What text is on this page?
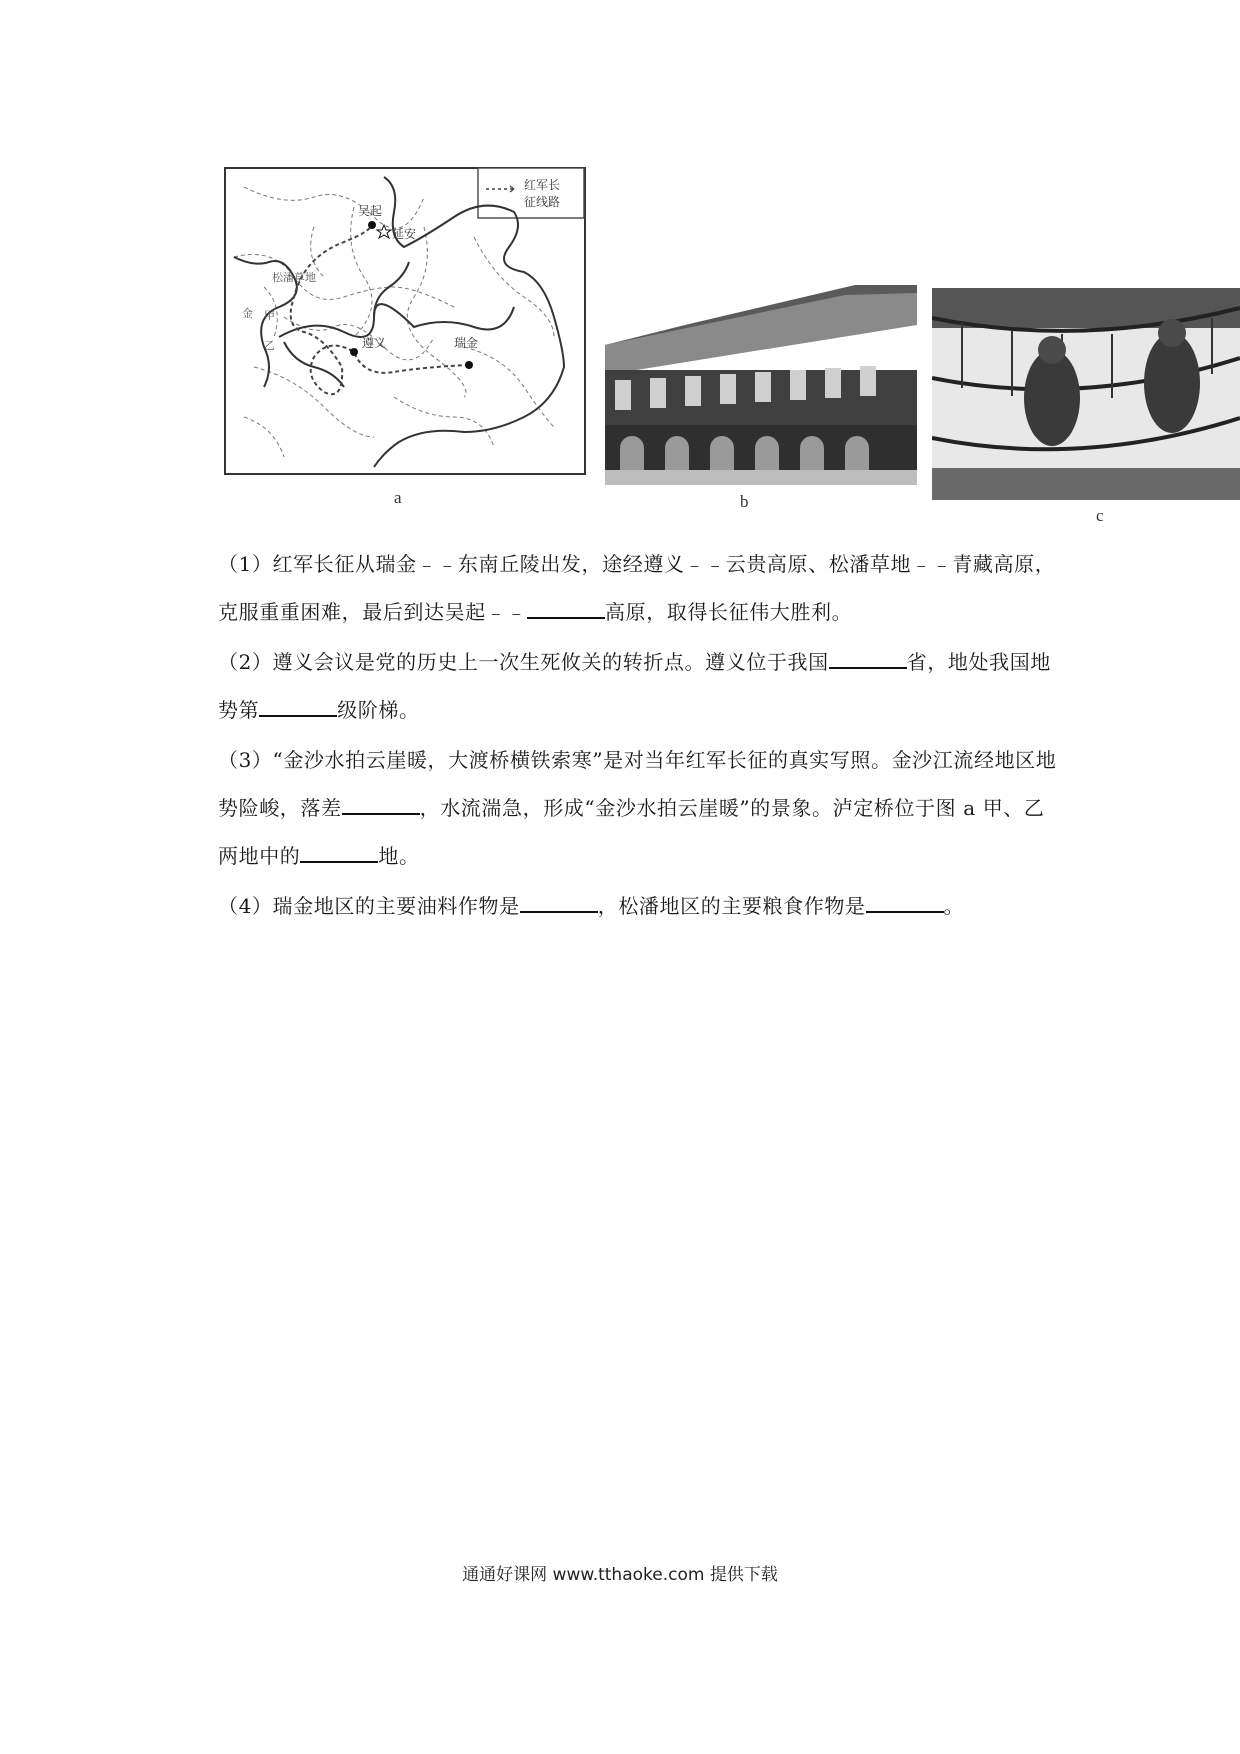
红军长
征线路
吴起
延安
松潘草地
金 甲
乙	遵义	瑞金
a	b
c

（1）红军长征从瑞金﹣﹣东南丘陵出发，途经遵义﹣﹣云贵高原、松潘草地﹣﹣青藏高原，克服重重困难，最后到达吴起﹣﹣	高原，取得长征伟大胜利。

（2）遵义会议是党的历史上一次生死攸关的转折点。遵义位于我国	省，地处我国地势第	级阶梯。

（3）“金沙水拍云崖暖，大渡桥横铁索寒”是对当年红军长征的真实写照。金沙江流经地区地势险峻，落差	，水流湍急，形成“金沙水拍云崖暖”的景象。泸定桥位于图 a 甲、乙两地中的	地。

（4）瑞金地区的主要油料作物是	，松潘地区的主要粮食作物是	。

通通好课网 www.tthaoke.com 提供下载
